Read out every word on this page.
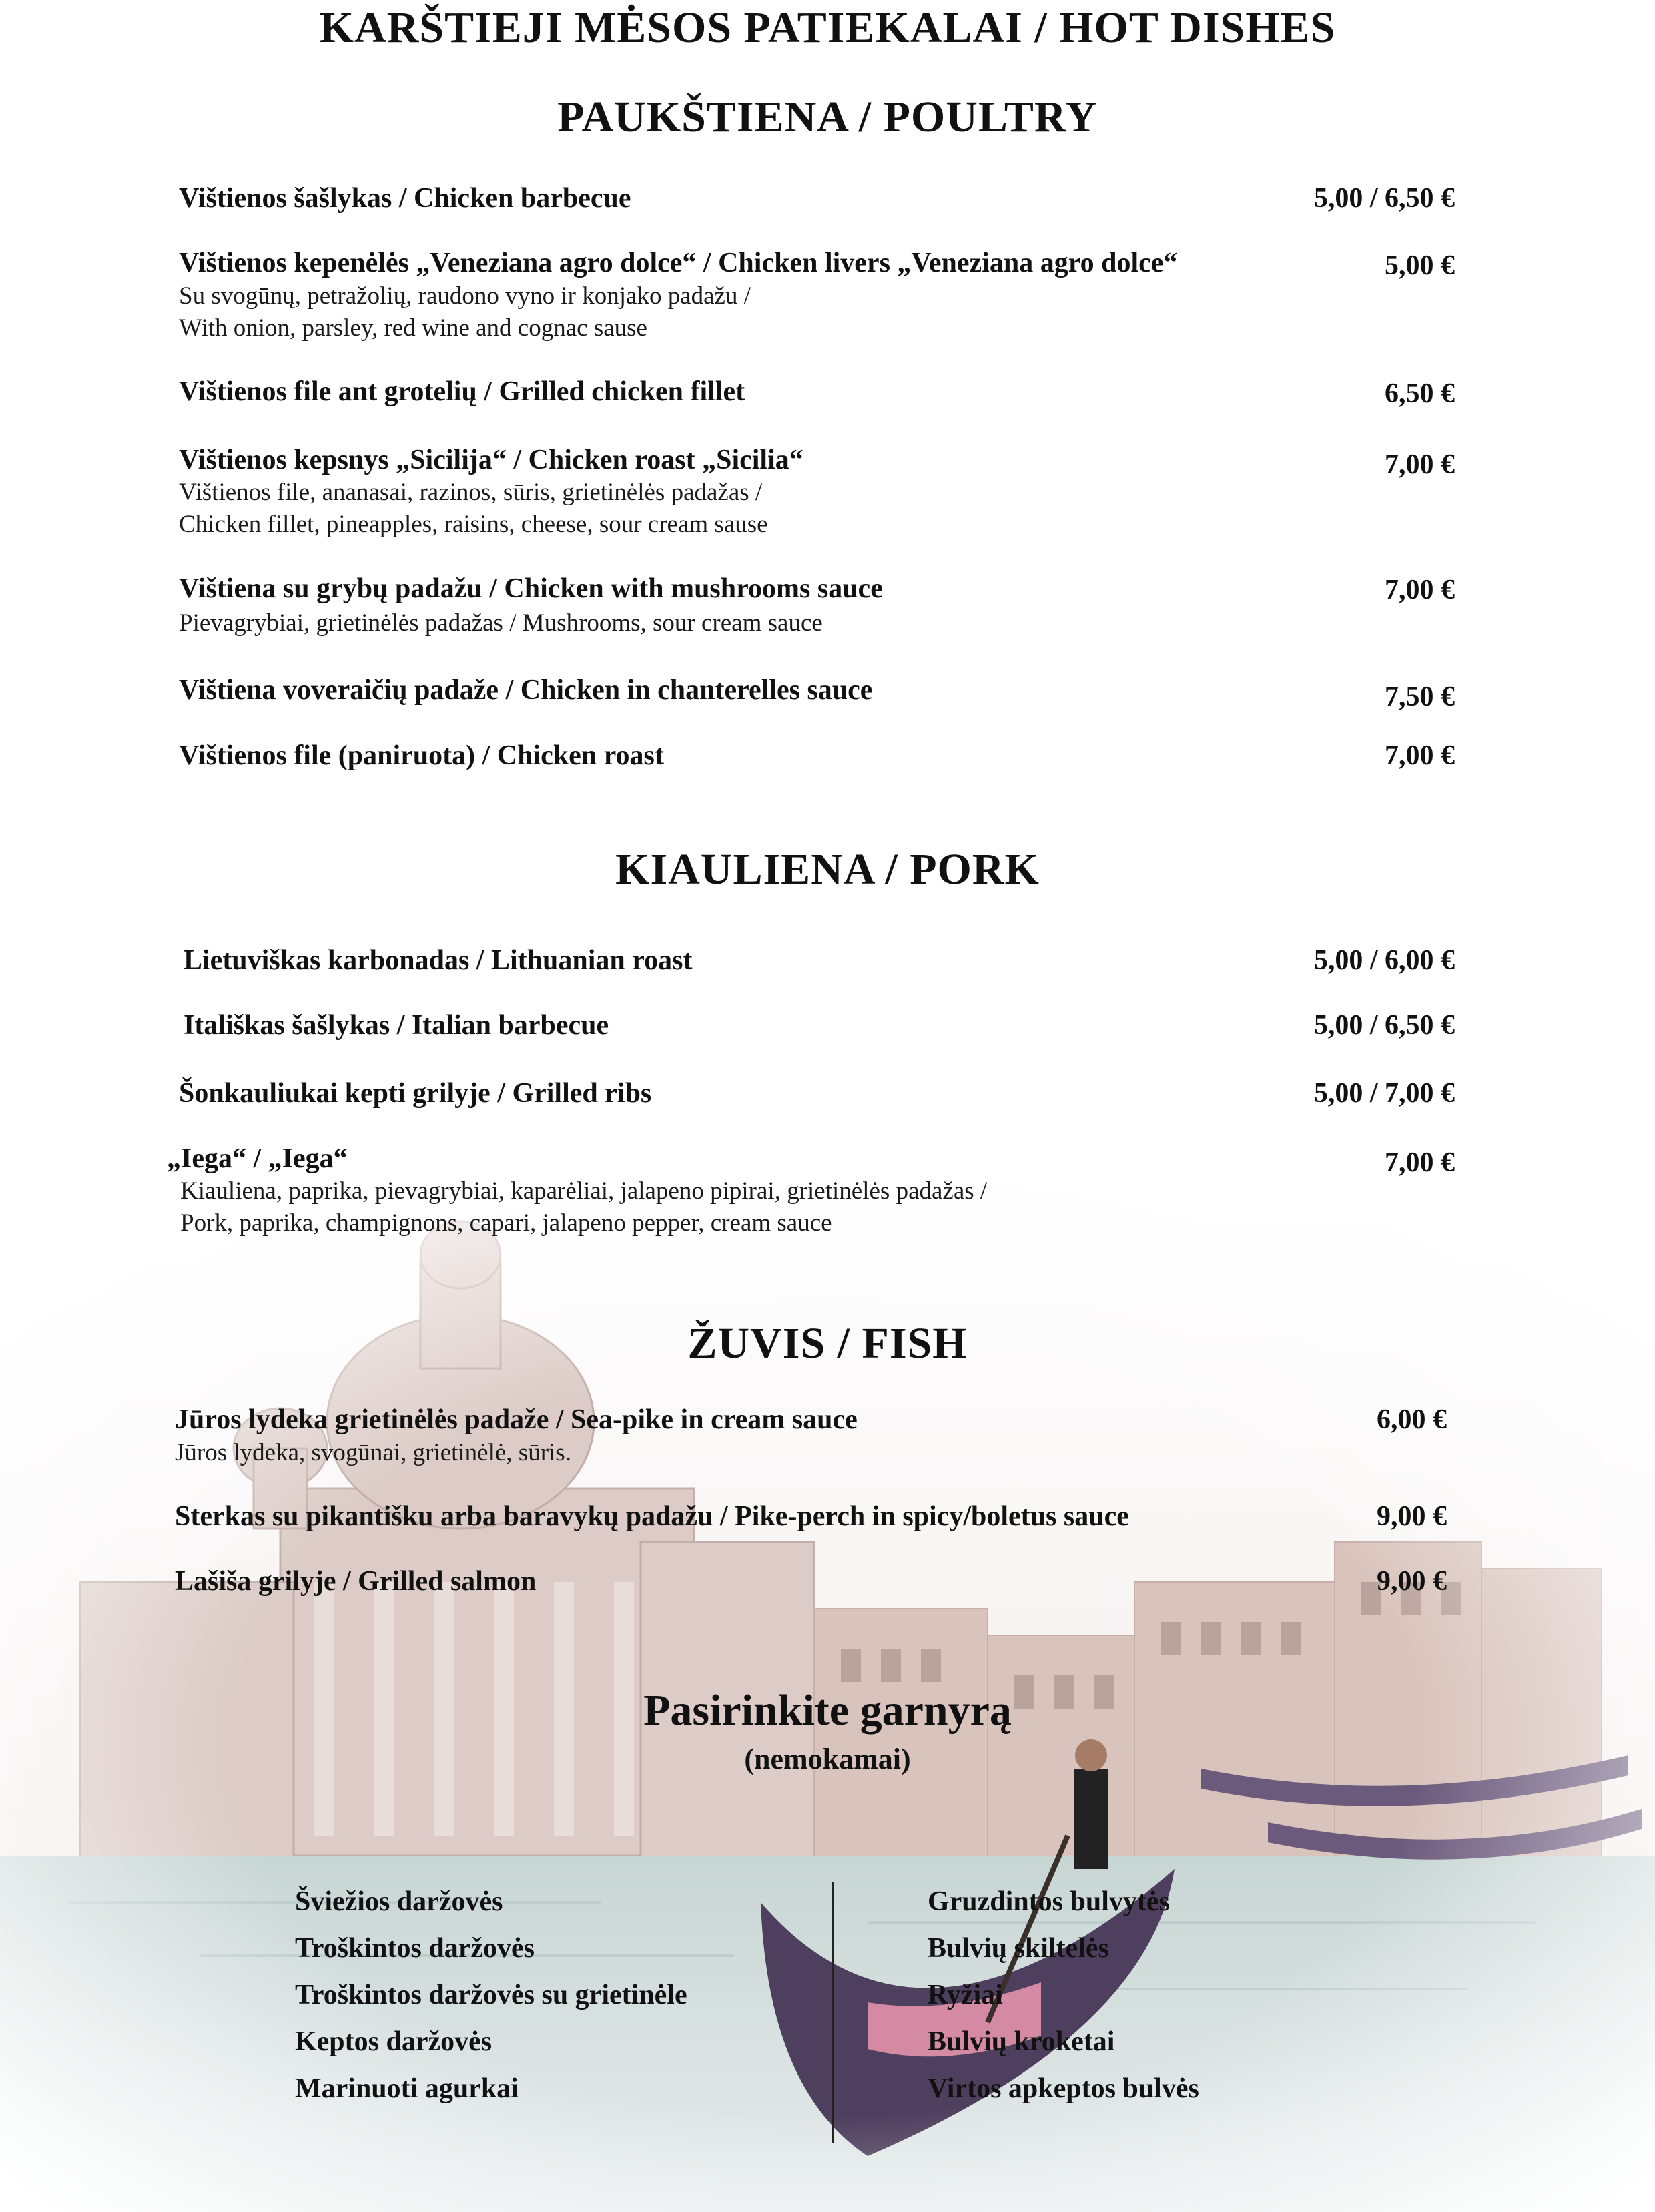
KARŠTIEJI MĖSOS PATIEKALAI / HOT DISHES
PAUKŠTIENA / POULTRY
Vištienos šašlykas / Chicken barbecue	5,00 / 6,50 €
Vištienos kepenėlės „Veneziana agro dolce“ / Chicken livers „Veneziana agro dolce“	5,00 €
Su svogūnų, petražolių, raudono vyno ir konjako padažu /
With onion, parsley, red wine and cognac sause
Vištienos file ant grotelių / Grilled chicken fillet	6,50 €
Vištienos kepsnys „Sicilija“ / Chicken roast „Sicilia“	7,00 €
Vištienos file, ananasai, razinos, sūris, grietinėlės padažas /
Chicken fillet, pineapples, raisins, cheese, sour cream sause
Vištiena su grybų padažu / Chicken with mushrooms sauce	7,00 €
Pievagrybiai, grietinėlės padažas / Mushrooms, sour cream sauce
Vištiena voveraičių padaže / Chicken in chanterelles sauce	7,50 €
Vištienos file (paniruota) / Chicken roast	7,00 €
KIAULIENA / PORK
Lietuviškas karbonadas / Lithuanian roast	5,00 / 6,00 €
Itališkas šašlykas / Italian barbecue	5,00 / 6,50 €
Šonkauliukai kepti grilyje / Grilled ribs	5,00 / 7,00 €
„Iega“ / „Iega“	7,00 €
Kiauliena, paprika, pievagrybiai, kaparėliai, jalapeno pipirai, grietinėlės padažas /
Pork, paprika, champignons, capari, jalapeno pepper, cream sauce
ŽUVIS / FISH
Jūros lydeka grietinėlės padaže / Sea-pike in cream sauce	6,00 €
Jūros lydeka, svogūnai, grietinėlė, sūris.
Sterkas su pikantišku arba baravykų padažu / Pike-perch in spicy/boletus sauce	9,00 €
Lašiša grilyje / Grilled salmon	9,00 €
Pasirinkite garnyrą
(nemokamai)
Šviežios daržovės
Troškintos daržovės
Troškintos daržovės su grietinėle
Keptos daržovės
Marinuoti agurkai
Gruzdintos bulvytės
Bulvių skiltelės
Ryžiai
Bulvių kroketai
Virtos apkeptos bulvės
